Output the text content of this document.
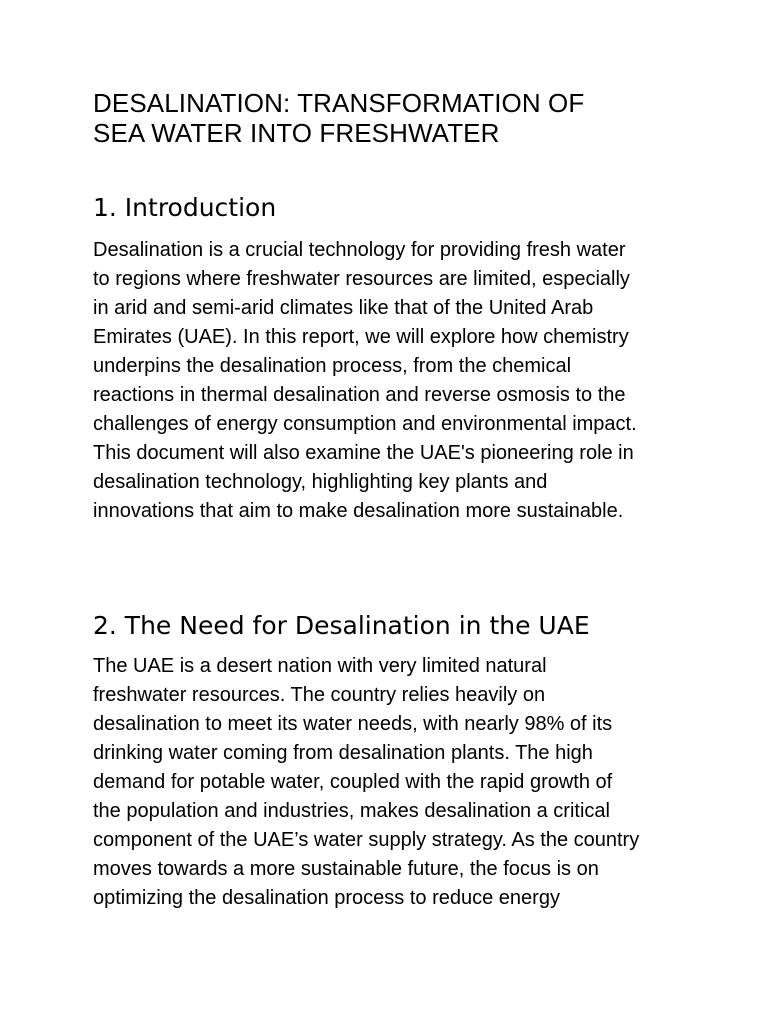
DESALINATION: TRANSFORMATION OF
SEA WATER INTO FRESHWATER
1. Introduction
Desalination is a crucial technology for providing fresh water
to regions where freshwater resources are limited, especially
in arid and semi-arid climates like that of the United Arab
Emirates (UAE). In this report, we will explore how chemistry
underpins the desalination process, from the chemical
reactions in thermal desalination and reverse osmosis to the
challenges of energy consumption and environmental impact.
This document will also examine the UAE's pioneering role in
desalination technology, highlighting key plants and
innovations that aim to make desalination more sustainable.
2. The Need for Desalination in the UAE
The UAE is a desert nation with very limited natural
freshwater resources. The country relies heavily on
desalination to meet its water needs, with nearly 98% of its
drinking water coming from desalination plants. The high
demand for potable water, coupled with the rapid growth of
the population and industries, makes desalination a critical
component of the UAE’s water supply strategy. As the country
moves towards a more sustainable future, the focus is on
optimizing the desalination process to reduce energy
